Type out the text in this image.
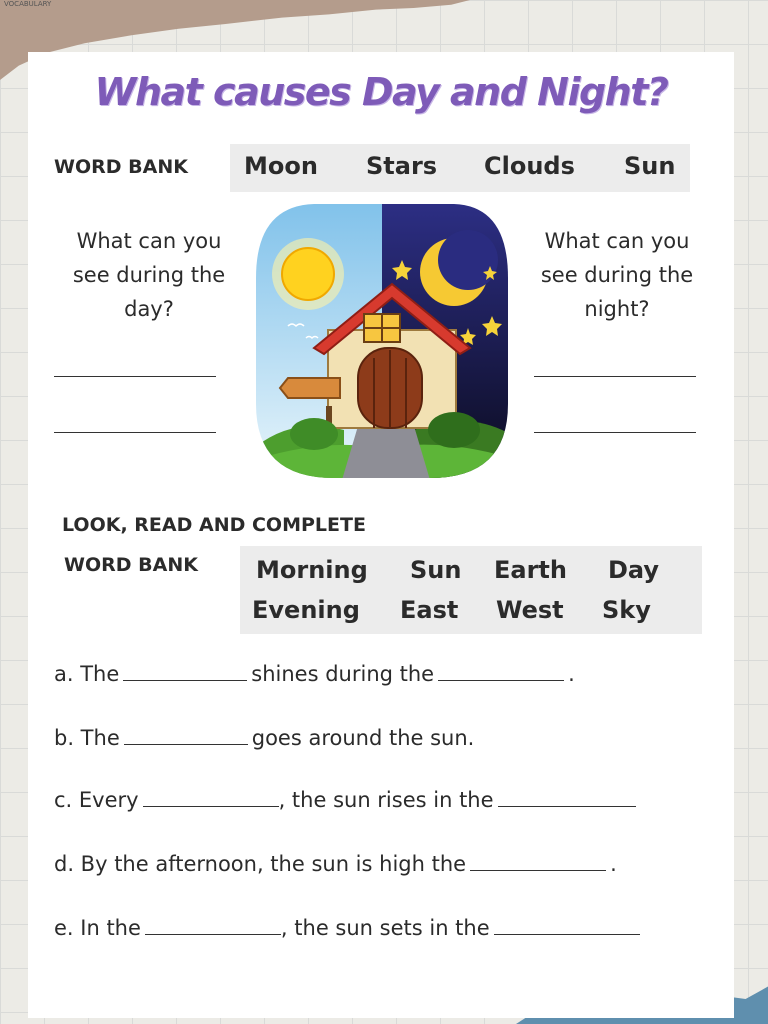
VOCABULARY
What causes Day and Night?
WORD BANK Moon Stars Clouds Sun
What can you
see during the
day?
What can you
see during the
night?
LOOK, READ AND COMPLETE
WORD BANK Morning Sun Earth Day
Evening East West Sky
a. The	shines during the	.
b. The	goes around the sun.
c. Every	, the sun rises in the
d. By the afternoon, the sun is high the	.
e. In the	, the sun sets in the
